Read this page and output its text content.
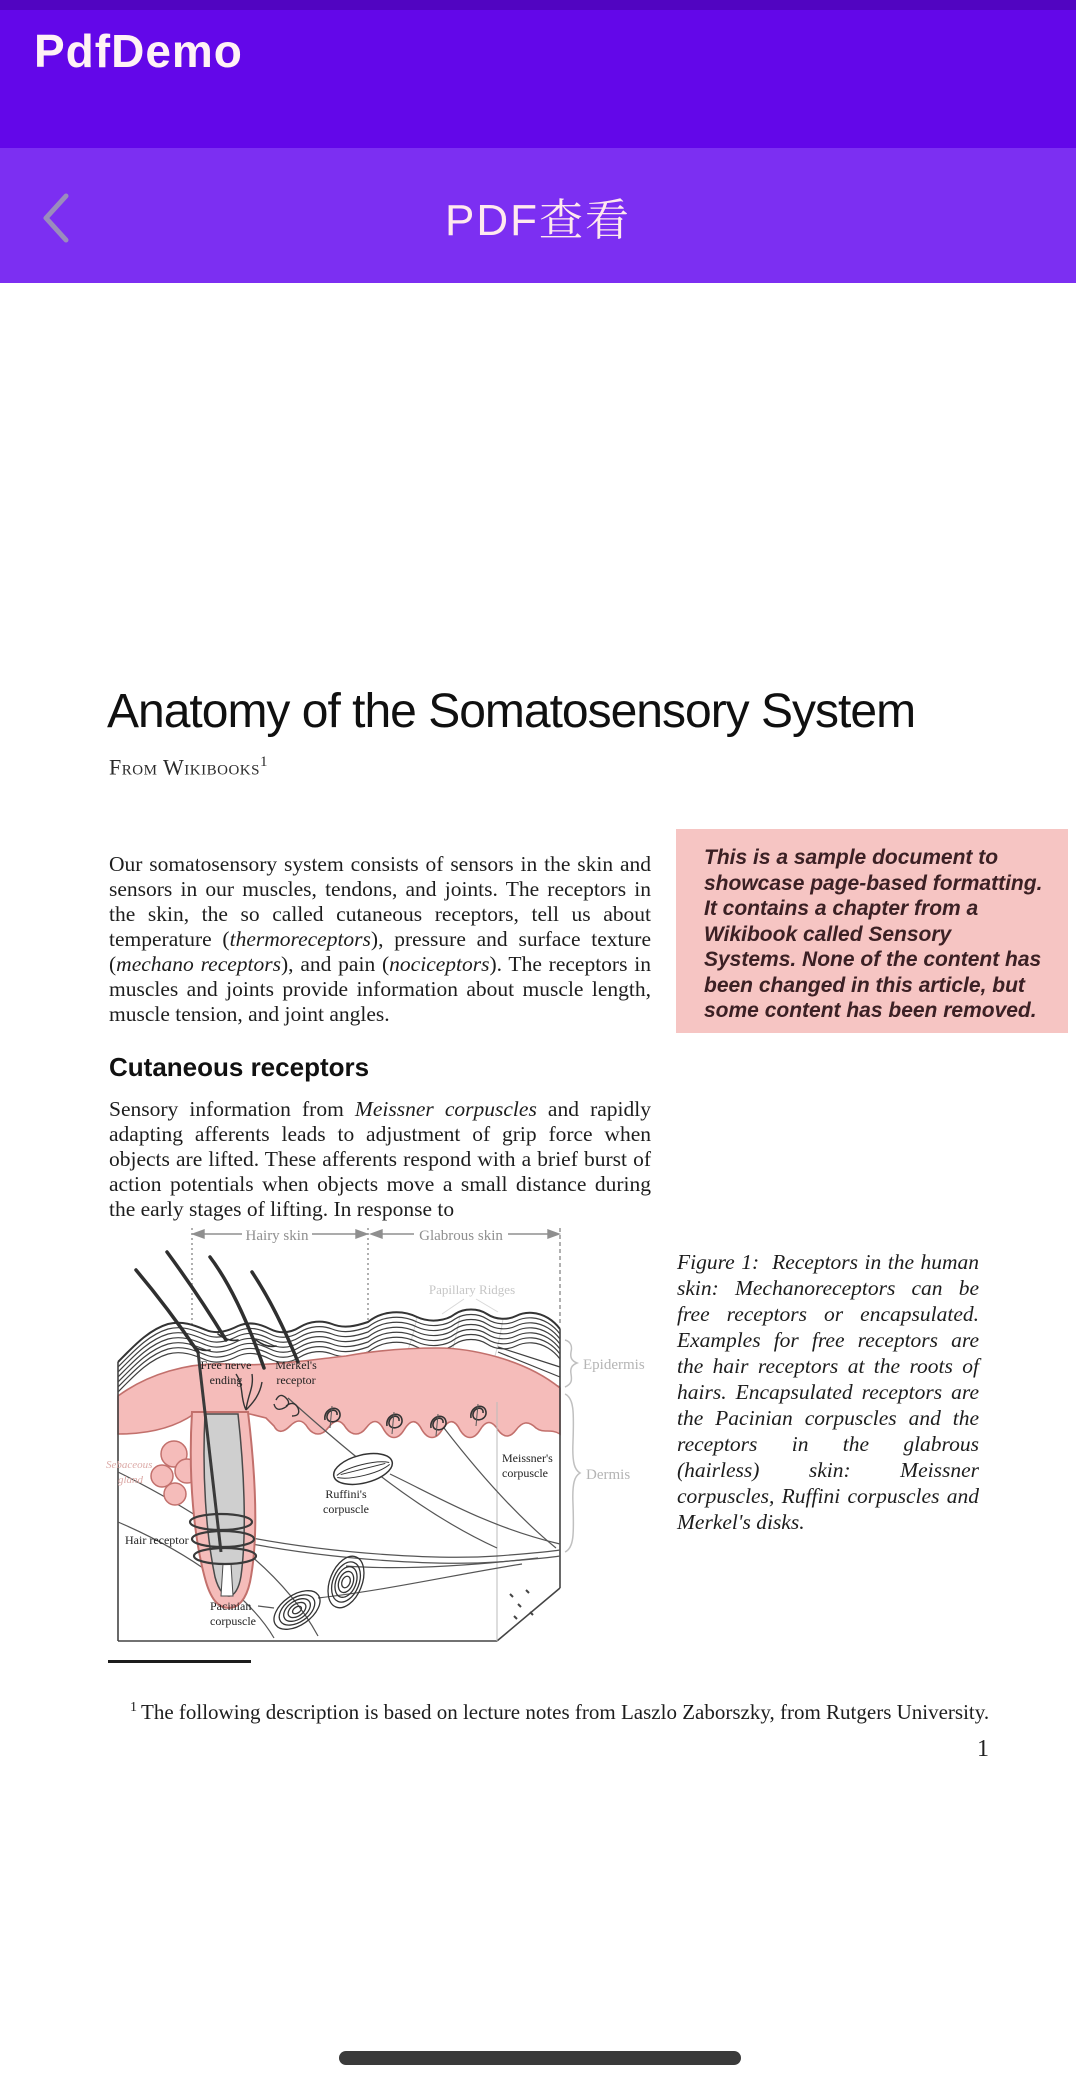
PdfDemo
PDF查看
Anatomy of the Somatosensory System
From Wikibooks$^1$

Our somatosensory system consists of sensors in the skin and sensors in our muscles, tendons, and joints. The receptors in the skin, the so called cutaneous receptors, tell us about temperature (thermoreceptors), pressure and surface texture (mechano receptors), and pain (nociceptors). The receptors in muscles and joints provide information about muscle length, muscle tension, and joint angles.

This is a sample document to showcase page-based formatting. It contains a chapter from a Wikibook called Sensory Systems. None of the content has been changed in this article, but some content has been removed.
Cutaneous receptors

Sensory information from Meissner corpuscles and rapidly adapting afferents leads to adjustment of grip force when objects are lifted. These afferents respond with a brief burst of action potentials when objects move a small distance during the early stages of lifting. In response to

Hairy skin	Glabrous skin
Papillary Ridges
Free nerve
ending
Merkel's
receptor
Meissner's
corpuscle
Ruffini's
corpuscle
Hair receptor
Pacinian
corpuscle
Sebaceous
gland
Epidermis
Dermis

Figure 1:  Receptors in the human skin: Mechanoreceptors can be free receptors or encapsulated. Examples for free receptors are the hair receptors at the roots of hairs. Encapsulated receptors are the Pacinian corpuscles and the receptors in the glabrous (hairless) skin: Meissner corpuscles, Ruffini corpuscles and Merkel's disks.

$^1$ The following description is based on lecture notes from Laszlo Zaborszky, from Rutgers University.

1
